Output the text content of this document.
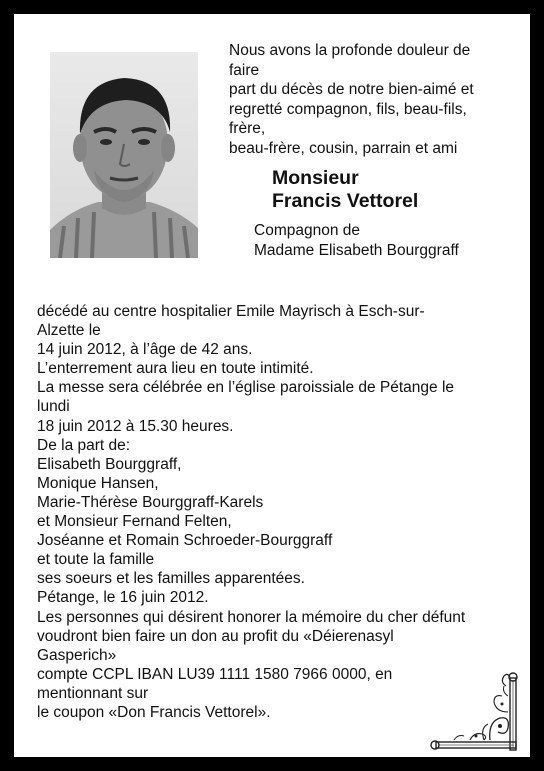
Nous avons la profonde douleur de
faire
part du décès de notre bien-aimé et
regretté compagnon, fils, beau-fils,
frère,
beau-frère, cousin, parrain et ami
Monsieur
Francis Vettorel
Compagnon de
Madame Elisabeth Bourggraff
décédé au centre hospitalier Emile Mayrisch à Esch-sur-
Alzette le
14 juin 2012, à l’âge de 42 ans.
L’enterrement aura lieu en toute intimité.
La messe sera célébrée en l’église paroissiale de Pétange le
lundi
18 juin 2012 à 15.30 heures.
De la part de:
Elisabeth Bourggraff,
Monique Hansen,
Marie-Thérèse Bourggraff-Karels
et Monsieur Fernand Felten,
Joséanne et Romain Schroeder-Bourggraff
et toute la famille
ses soeurs et les familles apparentées.
Pétange, le 16 juin 2012.
Les personnes qui désirent honorer la mémoire du cher défunt
voudront bien faire un don au profit du «Déierenasyl
Gasperich»
compte CCPL IBAN LU39 1111 1580 7966 0000, en
mentionnant sur
le coupon «Don Francis Vettorel».
